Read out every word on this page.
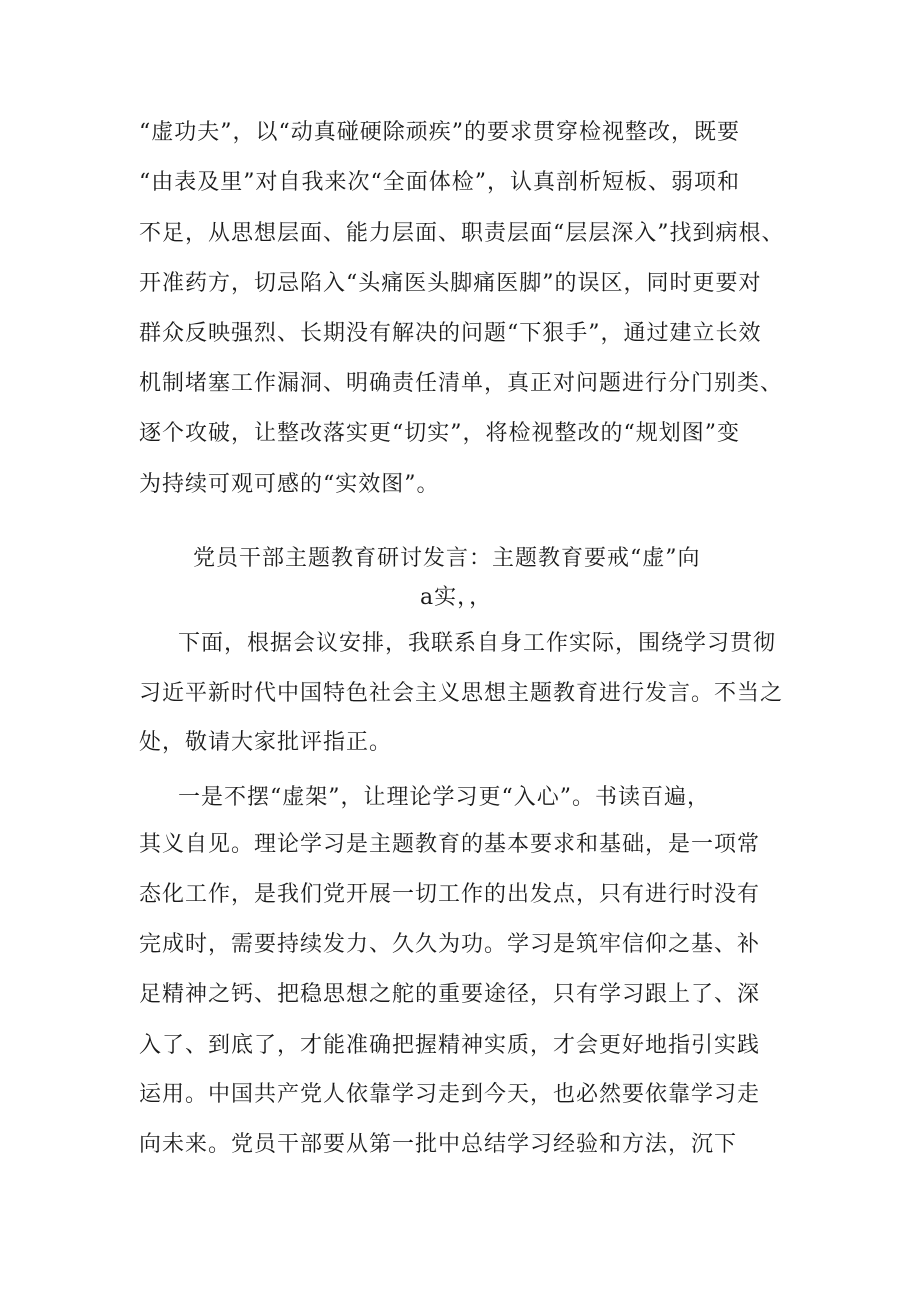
“虚功夫”，以“动真碰硬除顽疾”的要求贯穿检视整改，既要
“由表及里”对自我来次“全面体检”，认真剖析短板、弱项和
不足，从思想层面、能力层面、职责层面“层层深入”找到病根、
开准药方，切忌陷入“头痛医头脚痛医脚”的误区，同时更要对
群众反映强烈、长期没有解决的问题“下狠手”，通过建立长效
机制堵塞工作漏洞、明确责任清单，真正对问题进行分门别类、
逐个攻破，让整改落实更“切实”，将检视整改的“规划图”变
为持续可观可感的“实效图”。
党员干部主题教育研讨发言：主题教育要戒“虚”向
a实，，
下面，根据会议安排，我联系自身工作实际，围绕学习贯彻
习近平新时代中国特色社会主义思想主题教育进行发言。不当之
处，敬请大家批评指正。
一是不摆“虚架”，让理论学习更“入心”。书读百遍，
其义自见。理论学习是主题教育的基本要求和基础，是一项常
态化工作，是我们党开展一切工作的出发点，只有进行时没有
完成时，需要持续发力、久久为功。学习是筑牢信仰之基、补
足精神之钙、把稳思想之舵的重要途径，只有学习跟上了、深
入了、到底了，才能准确把握精神实质，才会更好地指引实践
运用。中国共产党人依靠学习走到今天，也必然要依靠学习走
向未来。党员干部要从第一批中总结学习经验和方法，沉下
